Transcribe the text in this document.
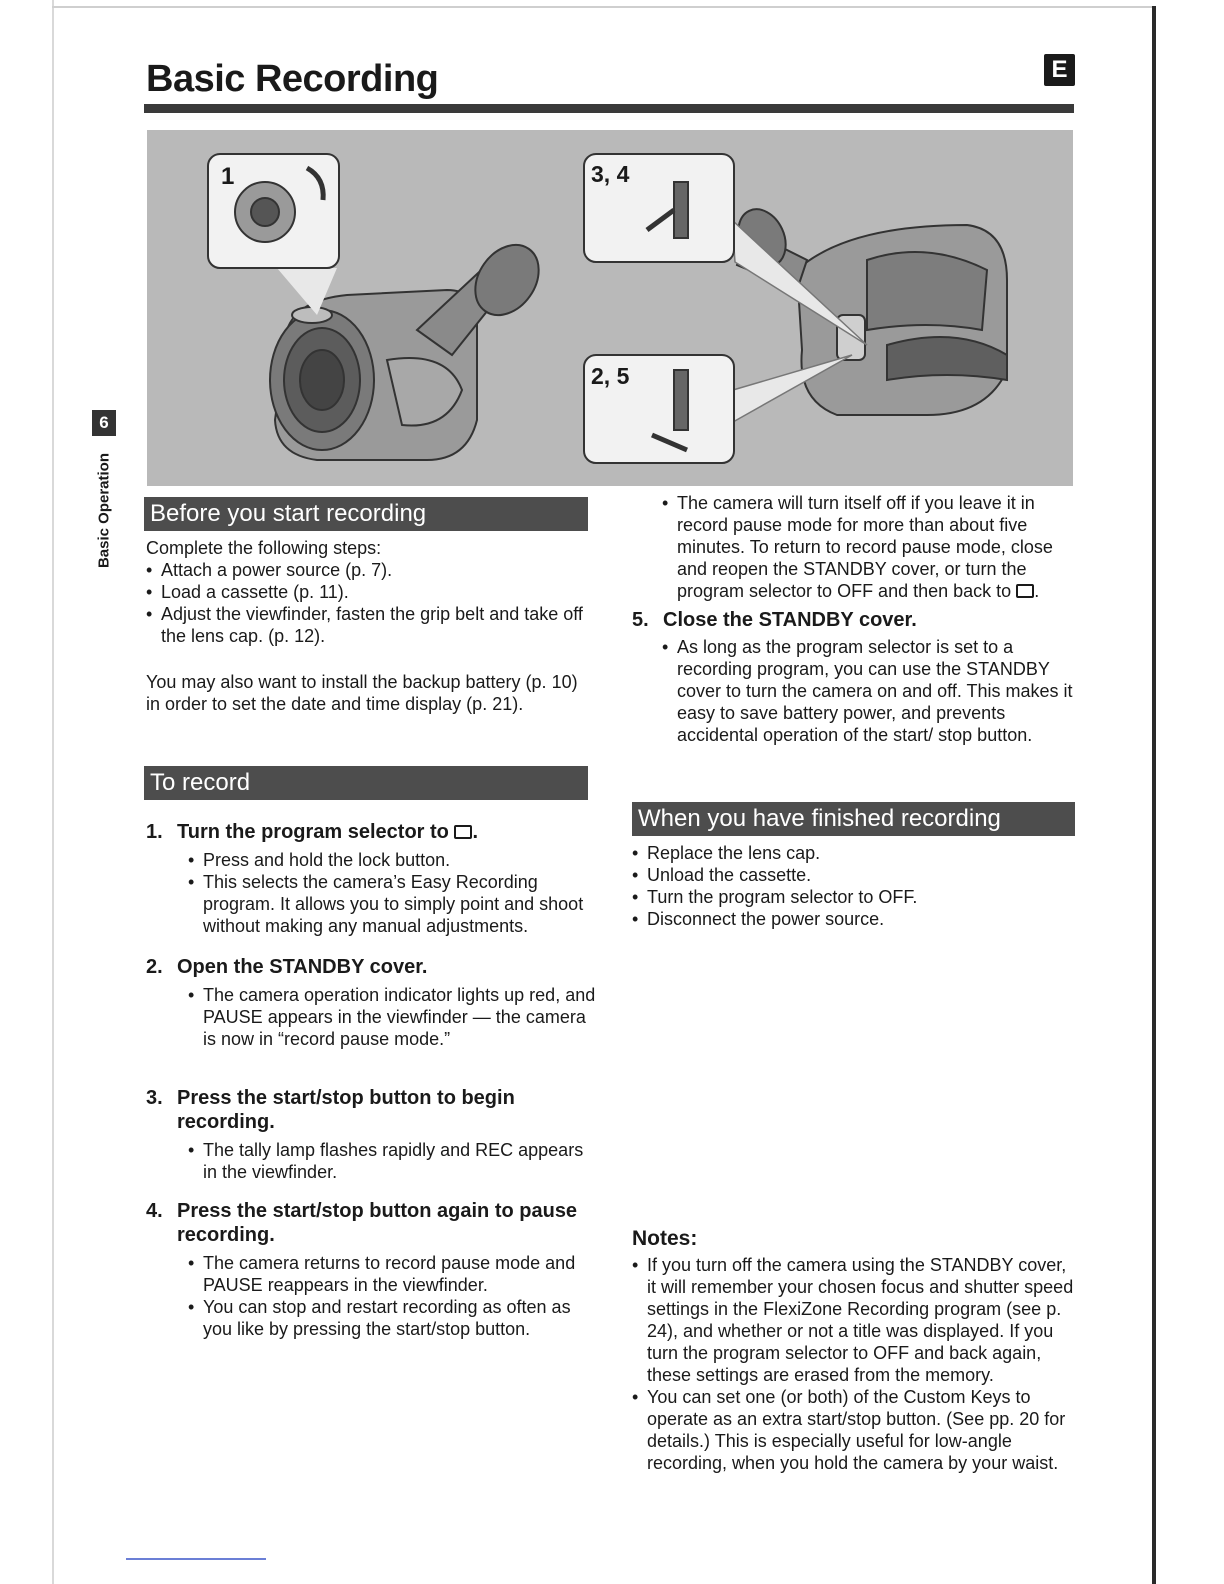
Basic Recording	E
6
Basic Operation
1	3, 4
2, 5
Before you start recording

Complete the following steps:

• Attach a power source (p. 7).
• Load a cassette (p. 11).
• Adjust the viewfinder, fasten the grip belt and take off the lens cap. (p. 12).

You may also want to install the backup battery (p. 10) in order to set the date and time display (p. 21).

To record
1. Turn the program selector to .
• Press and hold the lock button.
• This selects the camera’s Easy Recording program. It allows you to simply point and shoot without making any manual adjustments.
2. Open the STANDBY cover.
• The camera operation indicator lights up red, and PAUSE appears in the viewfinder — the camera is now in “record pause mode.”
3. Press the start/stop button to begin recording.
• The tally lamp flashes rapidly and REC appears in the viewfinder.
4. Press the start/stop button again to pause recording.
• The camera returns to record pause mode and PAUSE reappears in the viewfinder.
• You can stop and restart recording as often as you like by pressing the start/stop button.
• The camera will turn itself off if you leave it in record pause mode for more than about five minutes. To return to record pause mode, close and reopen the STANDBY cover, or turn the program selector to OFF and then back to .
5. Close the STANDBY cover.
• As long as the program selector is set to a recording program, you can use the STANDBY cover to turn the camera on and off. This makes it easy to save battery power, and prevents accidental operation of the start/ stop button.
When you have finished recording
• Replace the lens cap.
• Unload the cassette.
• Turn the program selector to OFF.
• Disconnect the power source.
Notes:
• If you turn off the camera using the STANDBY cover, it will remember your chosen focus and shutter speed settings in the FlexiZone Recording program (see p. 24), and whether or not a title was displayed. If you turn the program selector to OFF and back again, these settings are erased from the memory.
• You can set one (or both) of the Custom Keys to operate as an extra start/stop button. (See pp. 20 for details.) This is especially useful for low-angle recording, when you hold the camera by your waist.
